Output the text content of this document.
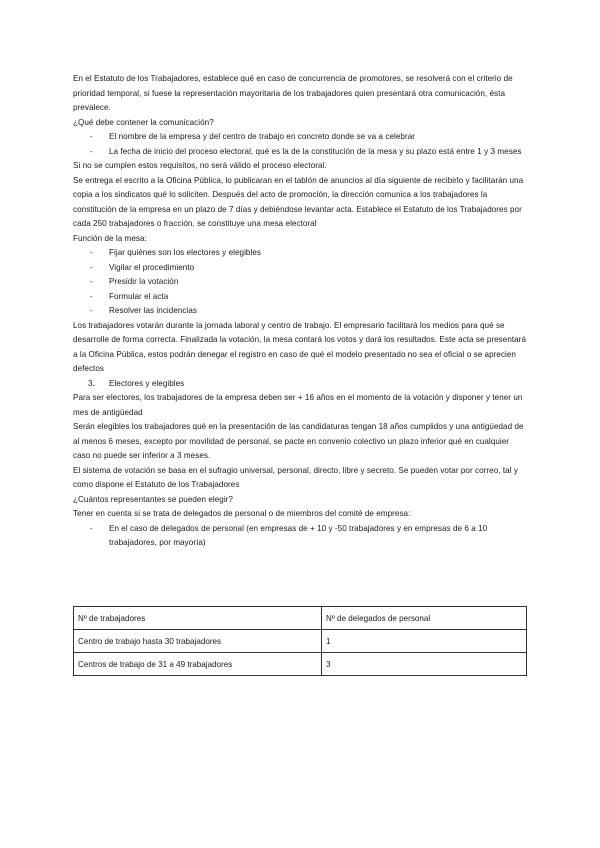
En el Estatuto de los Trabajadores, establece qué en caso de concurrencia de promotores, se resolverá con el criterio de prioridad temporal, si fuese la representación mayoritaria de los trabajadores quien presentará otra comunicación, ésta prevalece.

¿Qué debe contener la comunicación?

- El nombre de la empresa y del centro de trabajo en concreto donde se va a celebrar
- La fecha de inicio del proceso electoral, qué es la de la constitución de la mesa y su plazo está entre 1 y 3 meses

Si no se cumplen estos requisitos, no será válido el proceso electoral.

Se entrega el escrito a la Oficina Pública, lo publicaran en el tablón de anuncios al día siguiente de recibirlo y facilitarán una copia a los sindicatos qué lo soliciten. Después del acto de promoción, la dirección comunica a los trabajadores la constitución de la empresa en un plazo de 7 días y debiéndose levantar acta. Establece el Estatuto de los Trabajadores por cada 250 trabajadores o fracción, se constituye una mesa electoral

Función de la mesa:

- Fijar quiénes son los electores y elegibles
- Vigilar el procedimiento
- Presidir la votación
- Formular el acta
- Resolver las incidencias

Los trabajadores votarán durante la jornada laboral y centro de trabajo. El empresario facilitará los medios para qué se desarrolle de forma correcta. Finalizada la votación, la mesa contará los votos y dará los resultados. Este acta se presentará a la Oficina Pública, estos podrán denegar el registro en caso de qué el modelo presentado no sea el oficial o se aprecien defectos

3. Electores y elegibles

Para ser electores, los trabajadores de la empresa deben ser + 16 años en el momento de la votación y disponer y tener un mes de antigüedad

Serán elegibles los trabajadores qué en la presentación de las candidaturas tengan 18 años cumplidos y una antigüedad de al menos 6 meses, excepto por movilidad de personal, se pacte en convenio colectivo un plazo inferior qué en cualquier caso no puede ser inferior a 3 meses.

El sistema de votación se basa en el sufragio universal, personal, directo, libre y secreto. Se pueden votar por correo, tal y como dispone el Estatuto de los Trabajadores

¿Cuántos representantes se pueden elegir?

Tener en cuenta si se trata de delegados de personal o de miembros del comité de empresa:

- En el caso de delegados de personal (en empresas de + 10 y -50 trabajadores y en empresas de 6 a 10 trabajadores, por mayoría)
Nº de trabajadores	Nº de delegados de personal
Centro de trabajo hasta 30 trabajadores	1
Centros de trabajo de 31 a 49 trabajadores	3
